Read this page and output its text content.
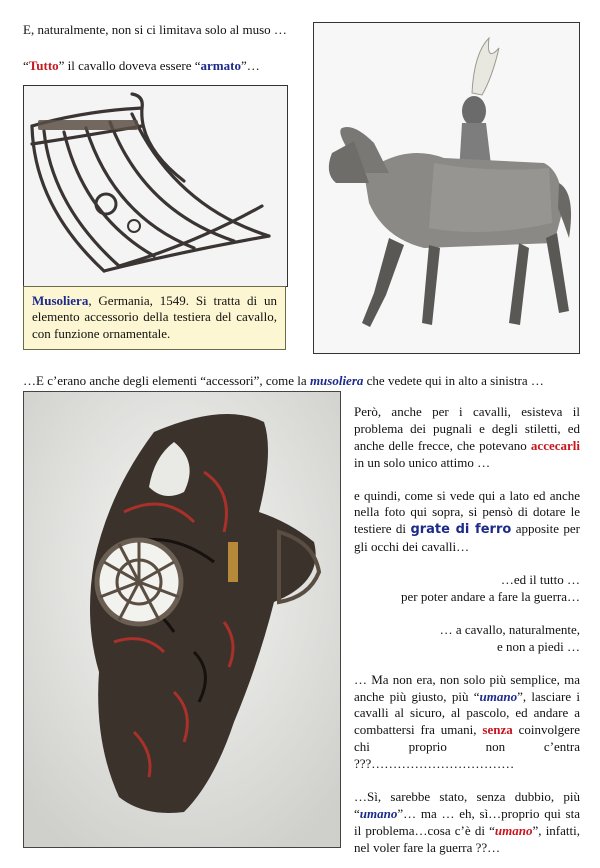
E, naturalmente, non si ci limitava solo al muso …
“Tutto” il cavallo doveva essere “armato”…
Musoliera, Germania, 1549. Si tratta di un elemento accessorio della testiera del cavallo, con funzione ornamentale.
…E c’erano anche degli elementi “accessori”, come la musoliera che vedete qui in alto a sinistra …

Però, anche per i cavalli, esisteva il problema dei pugnali e degli stiletti, ed anche delle frecce, che potevano accecarli in un solo unico attimo …

e quindi, come si vede qui a lato ed anche nella foto qui sopra, si pensò di dotare le testiere di grate di ferro apposite per gli occhi dei cavalli…

…ed il tutto …

per poter andare a fare la guerra…

… a cavallo, naturalmente,

e non a piedi …

… Ma non era, non solo più semplice, ma anche più giusto, più “umano”, lasciare i cavalli al sicuro, al pascolo, ed andare a combattersi fra umani, senza coinvolgere chi proprio non c’entra ???……………………………

…Sì, sarebbe stato, senza dubbio, più “umano”… ma … eh, sì…proprio qui sta il problema…cosa c’è di “umano”, infatti, nel voler fare la guerra ??…
